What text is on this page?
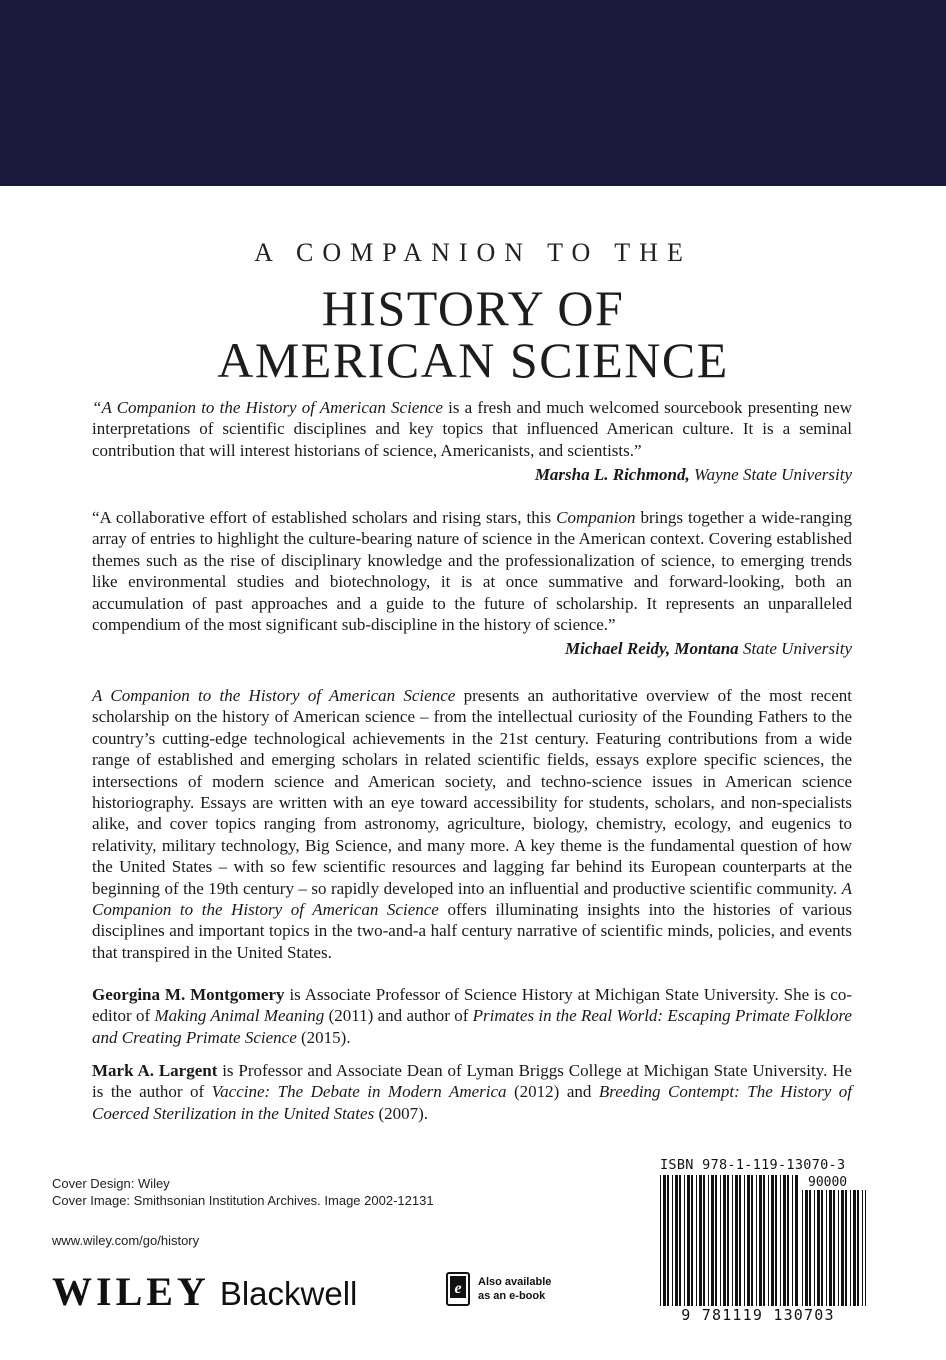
A COMPANION TO THE
HISTORY OF
AMERICAN SCIENCE
“A Companion to the History of American Science is a fresh and much welcomed sourcebook presenting new interpretations of scientific disciplines and key topics that influenced American culture. It is a seminal contribution that will interest historians of science, Americanists, and scientists.”
Marsha L. Richmond, Wayne State University
“A collaborative effort of established scholars and rising stars, this Companion brings together a wide-ranging array of entries to highlight the culture-bearing nature of science in the American context. Covering established themes such as the rise of disciplinary knowledge and the professionalization of science, to emerging trends like environmental studies and biotechnology, it is at once summative and forward-looking, both an accumulation of past approaches and a guide to the future of scholarship. It represents an unparalleled compendium of the most significant sub-discipline in the history of science.”
Michael Reidy, Montana State University
A Companion to the History of American Science presents an authoritative overview of the most recent scholarship on the history of American science – from the intellectual curiosity of the Founding Fathers to the country’s cutting-edge technological achievements in the 21st century. Featuring contributions from a wide range of established and emerging scholars in related scientific fields, essays explore specific sciences, the intersections of modern science and American society, and techno-science issues in American science historiography. Essays are written with an eye toward accessibility for students, scholars, and non-specialists alike, and cover topics ranging from astronomy, agriculture, biology, chemistry, ecology, and eugenics to relativity, military technology, Big Science, and many more. A key theme is the fundamental question of how the United States – with so few scientific resources and lagging far behind its European counterparts at the beginning of the 19th century – so rapidly developed into an influential and productive scientific community. A Companion to the History of American Science offers illuminating insights into the histories of various disciplines and important topics in the two-and-a half century narrative of scientific minds, policies, and events that transpired in the United States.
Georgina M. Montgomery is Associate Professor of Science History at Michigan State University. She is co-editor of Making Animal Meaning (2011) and author of Primates in the Real World: Escaping Primate Folklore and Creating Primate Science (2015).
Mark A. Largent is Professor and Associate Dean of Lyman Briggs College at Michigan State University. He is the author of Vaccine: The Debate in Modern America (2012) and Breeding Contempt: The History of Coerced Sterilization in the United States (2007).
Cover Design: Wiley
Cover Image: Smithsonian Institution Archives. Image 2002-12131
www.wiley.com/go/history
WILEY Blackwell	e Also available
as an e-book
ISBN 978-1-119-13070-3
90000
9 781119 130703
